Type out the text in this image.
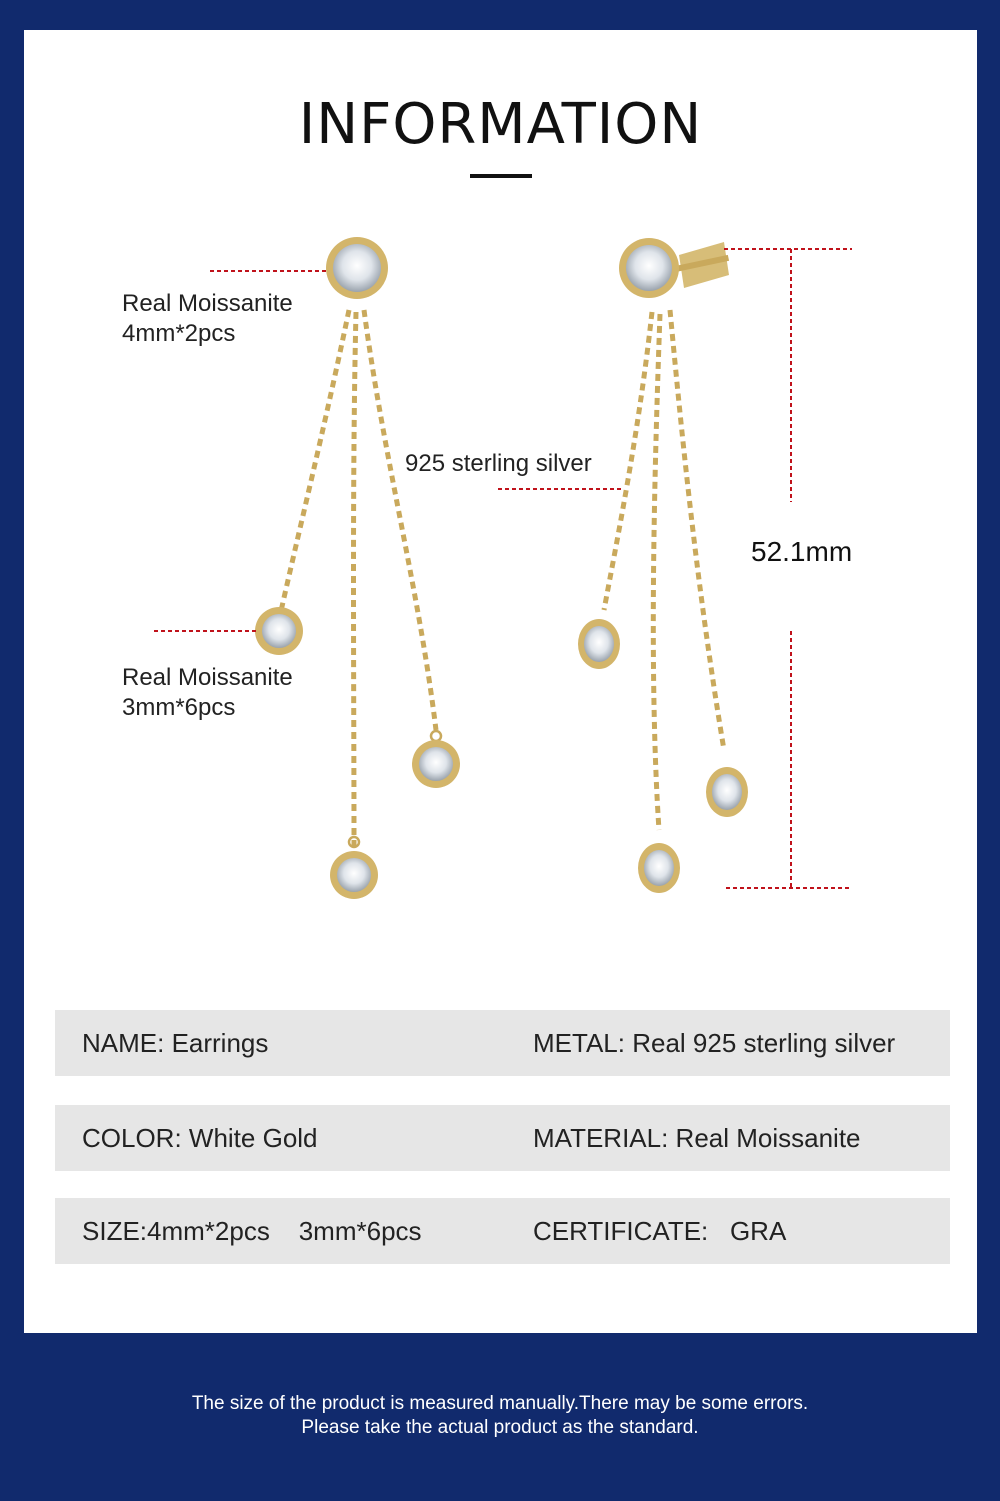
INFORMATION
Real Moissanite
4mm*2pcs
Real Moissanite
3mm*6pcs
925 sterling silver
52.1mm
NAME: Earrings	METAL: Real 925 sterling silver
COLOR: White Gold	MATERIAL: Real Moissanite
SIZE:4mm*2pcs    3mm*6pcs	CERTIFICATE:   GRA
The size of the product is measured manually.There may be some errors.
Please take the actual product as the standard.
